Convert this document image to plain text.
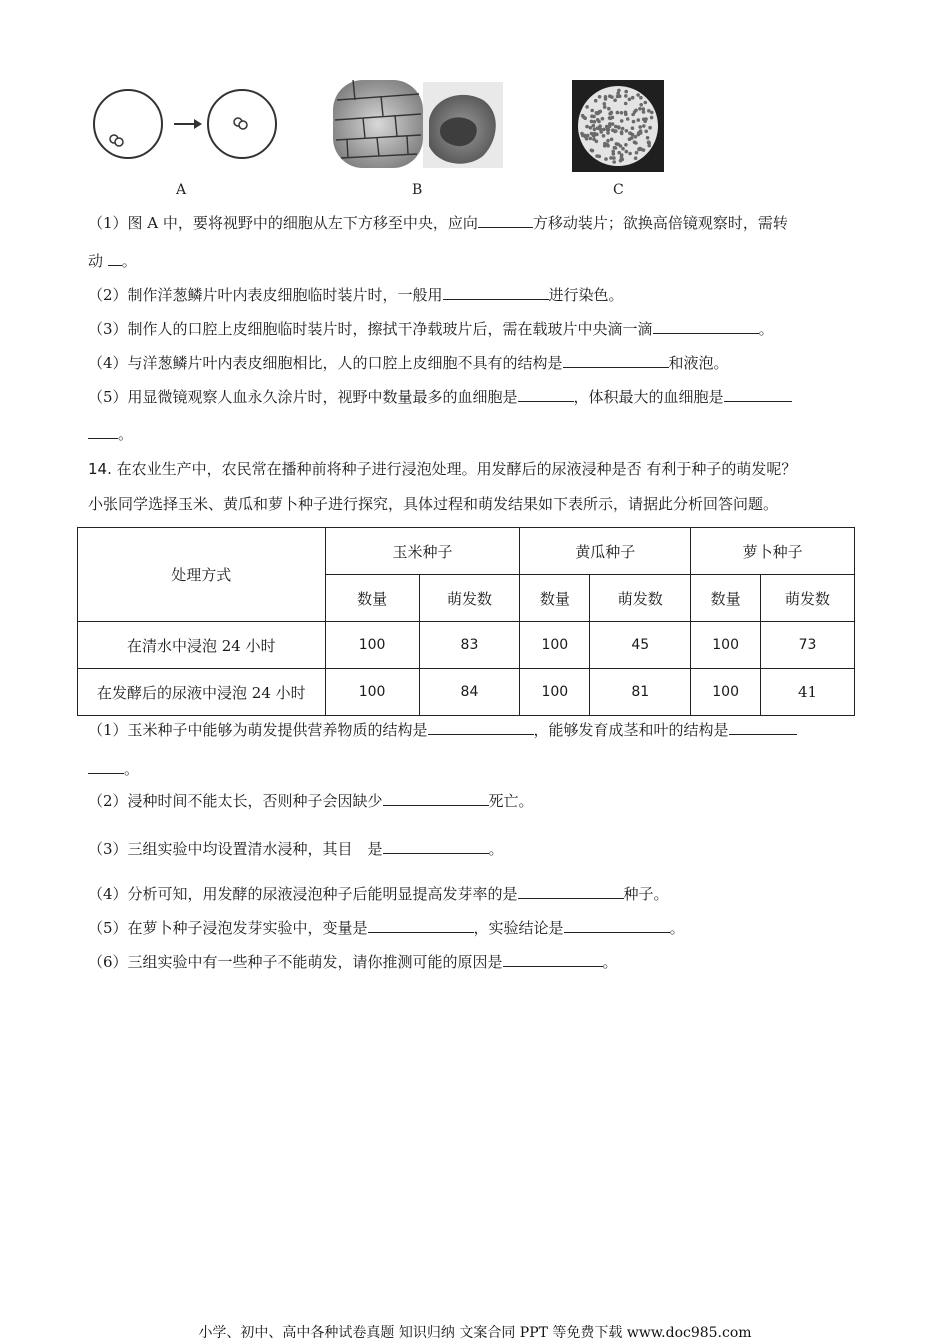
A	B	C
（1）图 A 中，要将视野中的细胞从左下方移至中央，应向	方移动装片；欲换高倍镜观察时，需转
动 。
（2）制作洋葱鳞片叶内表皮细胞临时装片时，一般用	进行染色。
（3）制作人的口腔上皮细胞临时装片时，擦拭干净载玻片后，需在载玻片中央滴一滴	。
（4）与洋葱鳞片叶内表皮细胞相比，人的口腔上皮细胞不具有的结构是	和液泡。
（5）用显微镜观察人血永久涂片时，视野中数量最多的血细胞是	，体积最大的血细胞是
。
14. 在农业生产中，农民常在播种前将种子进行浸泡处理。用发酵后的尿液浸种是否 有利于种子的萌发呢？
小张同学选择玉米、黄瓜和萝卜种子进行探究，具体过程和萌发结果如下表所示，请据此分析回答问题。
处理方式	玉米种子		黄瓜种子		萝卜种子	
	数量	萌发数	数量	萌发数	数量	萌发数
在清水中浸泡 24 小时	100	83	100	45	100	73
在发酵后的尿液中浸泡 24 小时	100	84	100	81	100	41
（1）玉米种子中能够为萌发提供营养物质的结构是	，能够发育成茎和叶的结构是
。
（2）浸种时间不能太长，否则种子会因缺少	死亡。
（3）三组实验中均设置清水浸种，其目　是	。
（4）分析可知，用发酵的尿液浸泡种子后能明显提高发芽率的是	种子。
（5）在萝卜种子浸泡发芽实验中，变量是	，实验结论是	。
（6）三组实验中有一些种子不能萌发，请你推测可能的原因是	。
小学、初中、高中各种试卷真题 知识归纳 文案合同 PPT 等免费下载 www.doc985.com
